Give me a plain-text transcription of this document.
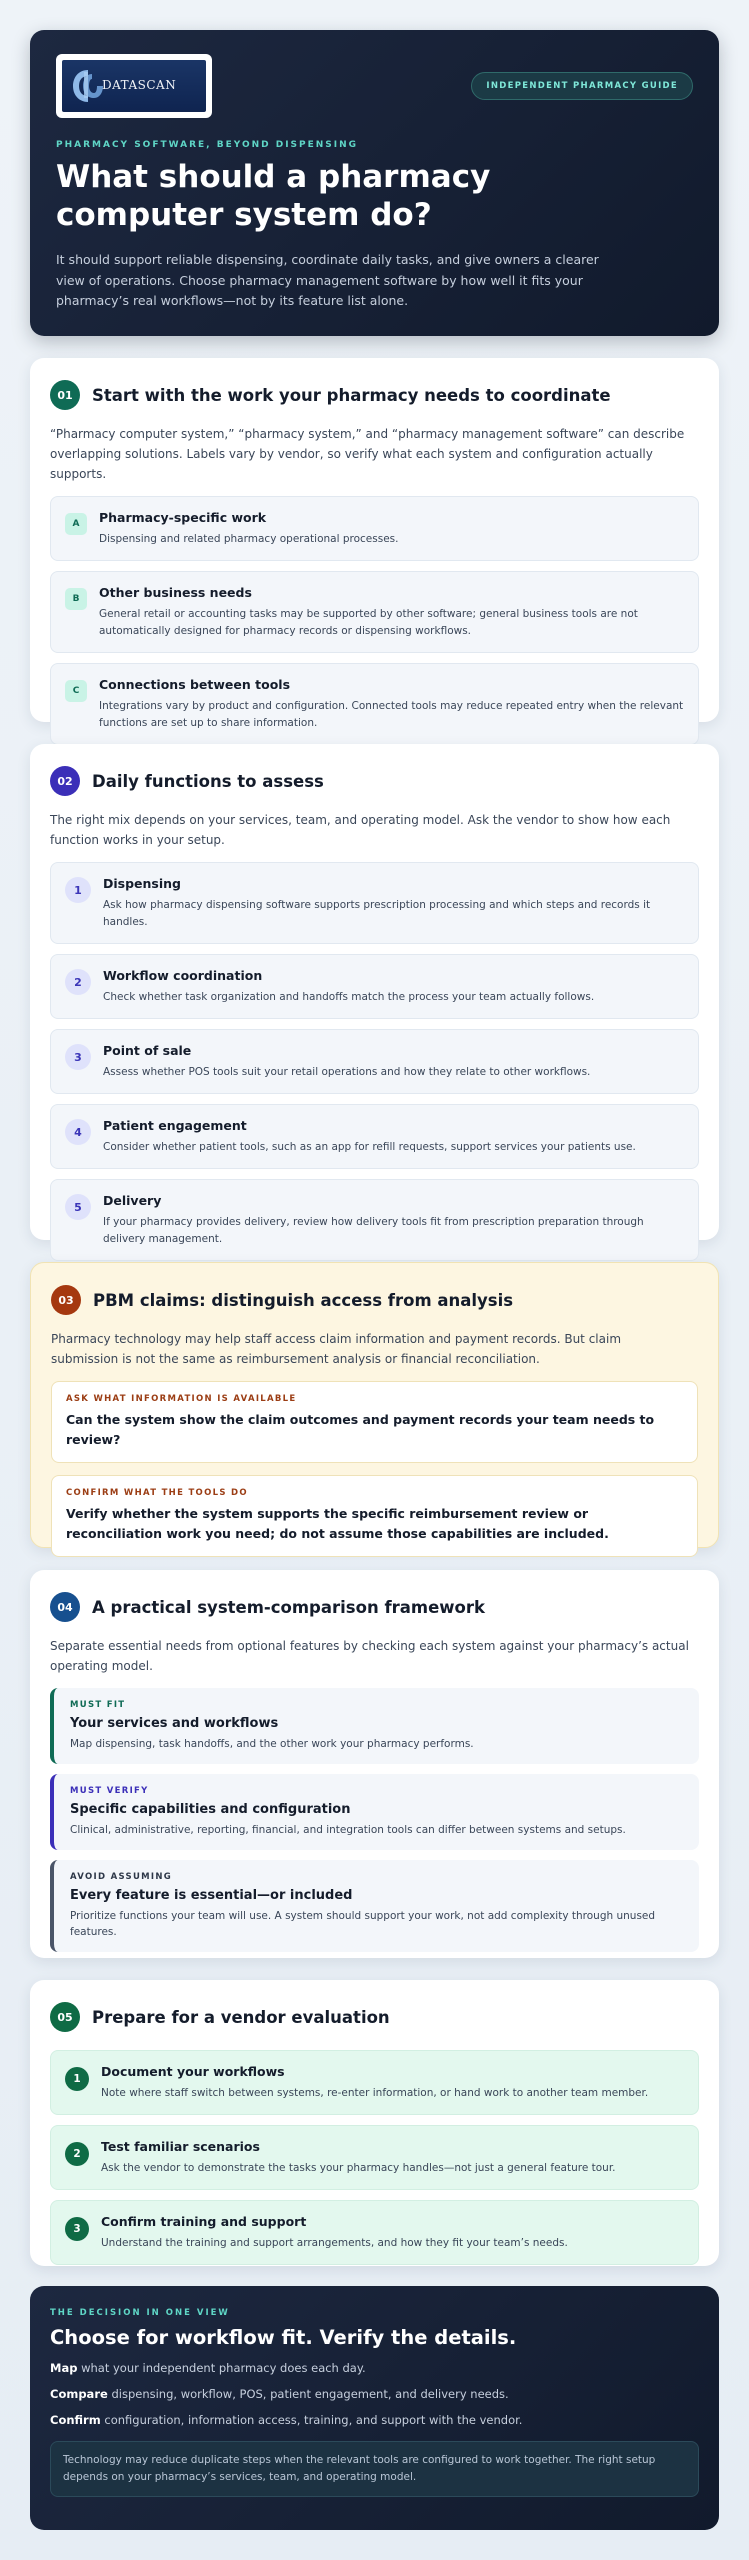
DATASCAN	INDEPENDENT PHARMACY GUIDE
PHARMACY SOFTWARE, BEYOND DISPENSING
What should a pharmacy computer system do?

It should support reliable dispensing, coordinate daily tasks, and give owners a clearer view of operations. Choose pharmacy management software by how well it fits your pharmacy’s real workflows—not by its feature list alone.

01	Start with the work your pharmacy needs to coordinate

“Pharmacy computer system,” “pharmacy system,” and “pharmacy management software” can describe overlapping solutions. Labels vary by vendor, so verify what each system and configuration actually supports.

A	Pharmacy-specific work
Dispensing and related pharmacy operational processes.
B	Other business needs
General retail or accounting tasks may be supported by other software; general business tools are not automatically designed for pharmacy records or dispensing workflows.
C	Connections between tools
Integrations vary by product and configuration. Connected tools may reduce repeated entry when the relevant functions are set up to share information.
02	Daily functions to assess

The right mix depends on your services, team, and operating model. Ask the vendor to show how each function works in your setup.

1	Dispensing
Ask how pharmacy dispensing software supports prescription processing and which steps and records it handles.
2	Workflow coordination
Check whether task organization and handoffs match the process your team actually follows.
3	Point of sale
Assess whether POS tools suit your retail operations and how they relate to other workflows.
4	Patient engagement
Consider whether patient tools, such as an app for refill requests, support services your patients use.
5	Delivery
If your pharmacy provides delivery, review how delivery tools fit from prescription preparation through delivery management.
03	PBM claims: distinguish access from analysis

Pharmacy technology may help staff access claim information and payment records. But claim submission is not the same as reimbursement analysis or financial reconciliation.

ASK WHAT INFORMATION IS AVAILABLE
Can the system show the claim outcomes and payment records your team needs to review?
CONFIRM WHAT THE TOOLS DO
Verify whether the system supports the specific reimbursement review or reconciliation work you need; do not assume those capabilities are included.
04	A practical system-comparison framework

Separate essential needs from optional features by checking each system against your pharmacy’s actual operating model.

MUST FIT
Your services and workflows
Map dispensing, task handoffs, and the other work your pharmacy performs.
MUST VERIFY
Specific capabilities and configuration
Clinical, administrative, reporting, financial, and integration tools can differ between systems and setups.
AVOID ASSUMING
Every feature is essential—or included
Prioritize functions your team will use. A system should support your work, not add complexity through unused features.
05	Prepare for a vendor evaluation
1	Document your workflows
Note where staff switch between systems, re-enter information, or hand work to another team member.
2	Test familiar scenarios
Ask the vendor to demonstrate the tasks your pharmacy handles—not just a general feature tour.
3	Confirm training and support
Understand the training and support arrangements, and how they fit your team’s needs.
THE DECISION IN ONE VIEW
Choose for workflow fit. Verify the details.

Map what your independent pharmacy does each day.

Compare dispensing, workflow, POS, patient engagement, and delivery needs.

Confirm configuration, information access, training, and support with the vendor.

Technology may reduce duplicate steps when the relevant tools are configured to work together. The right setup depends on your pharmacy’s services, team, and operating model.
